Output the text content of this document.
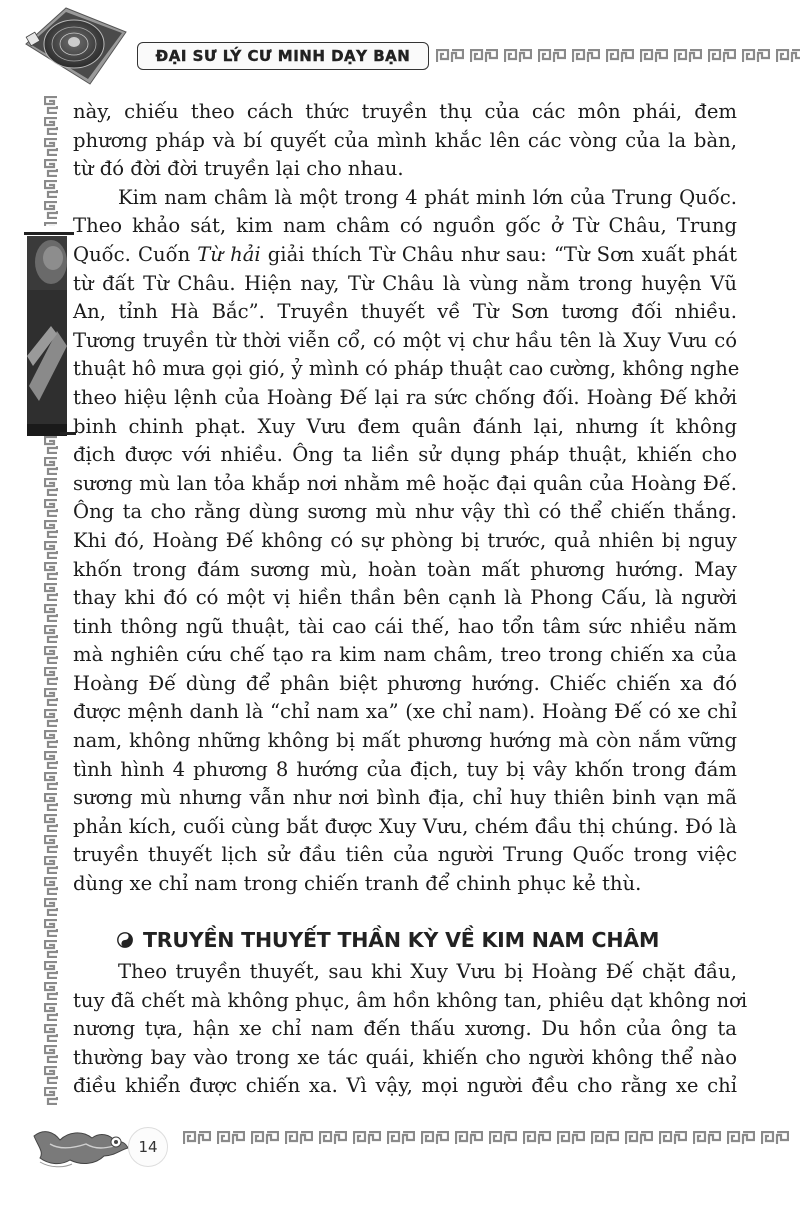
ĐẠI SƯ LÝ CƯ MINH DẠY BẠN

này, chiếu theo cách thức truyền thụ của các môn phái, đem
phương pháp và bí quyết của mình khắc lên các vòng của la bàn,
từ đó đời đời truyền lại cho nhau.

Kim nam châm là một trong 4 phát minh lớn của Trung Quốc.
Theo khảo sát, kim nam châm có nguồn gốc ở Từ Châu, Trung
Quốc. Cuốn Từ hải giải thích Từ Châu như sau: “Từ Sơn xuất phát
từ đất Từ Châu. Hiện nay, Từ Châu là vùng nằm trong huyện Vũ
An, tỉnh Hà Bắc”. Truyền thuyết về Từ Sơn tương đối nhiều.
Tương truyền từ thời viễn cổ, có một vị chư hầu tên là Xuy Vưu có
thuật hô mưa gọi gió, ỷ mình có pháp thuật cao cường, không nghe
theo hiệu lệnh của Hoàng Đế lại ra sức chống đối. Hoàng Đế khởi
binh chinh phạt. Xuy Vưu đem quân đánh lại, nhưng ít không
địch được với nhiều. Ông ta liền sử dụng pháp thuật, khiến cho
sương mù lan tỏa khắp nơi nhằm mê hoặc đại quân của Hoàng Đế.
Ông ta cho rằng dùng sương mù như vậy thì có thể chiến thắng.
Khi đó, Hoàng Đế không có sự phòng bị trước, quả nhiên bị nguy
khốn trong đám sương mù, hoàn toàn mất phương hướng. May
thay khi đó có một vị hiền thần bên cạnh là Phong Cấu, là người
tinh thông ngũ thuật, tài cao cái thế, hao tổn tâm sức nhiều năm
mà nghiên cứu chế tạo ra kim nam châm, treo trong chiến xa của
Hoàng Đế dùng để phân biệt phương hướng. Chiếc chiến xa đó
được mệnh danh là “chỉ nam xa” (xe chỉ nam). Hoàng Đế có xe chỉ
nam, không những không bị mất phương hướng mà còn nắm vững
tình hình 4 phương 8 hướng của địch, tuy bị vây khốn trong đám
sương mù nhưng vẫn như nơi bình địa, chỉ huy thiên binh vạn mã
phản kích, cuối cùng bắt được Xuy Vưu, chém đầu thị chúng. Đó là
truyền thuyết lịch sử đầu tiên của người Trung Quốc trong việc
dùng xe chỉ nam trong chiến tranh để chinh phục kẻ thù.

TRUYỀN THUYẾT THẦN KỲ VỀ KIM NAM CHÂM

Theo truyền thuyết, sau khi Xuy Vưu bị Hoàng Đế chặt đầu,
tuy đã chết mà không phục, âm hồn không tan, phiêu dạt không nơi
nương tựa, hận xe chỉ nam đến thấu xương. Du hồn của ông ta
thường bay vào trong xe tác quái, khiến cho người không thể nào
điều khiển được chiến xa. Vì vậy, mọi người đều cho rằng xe chỉ

14
